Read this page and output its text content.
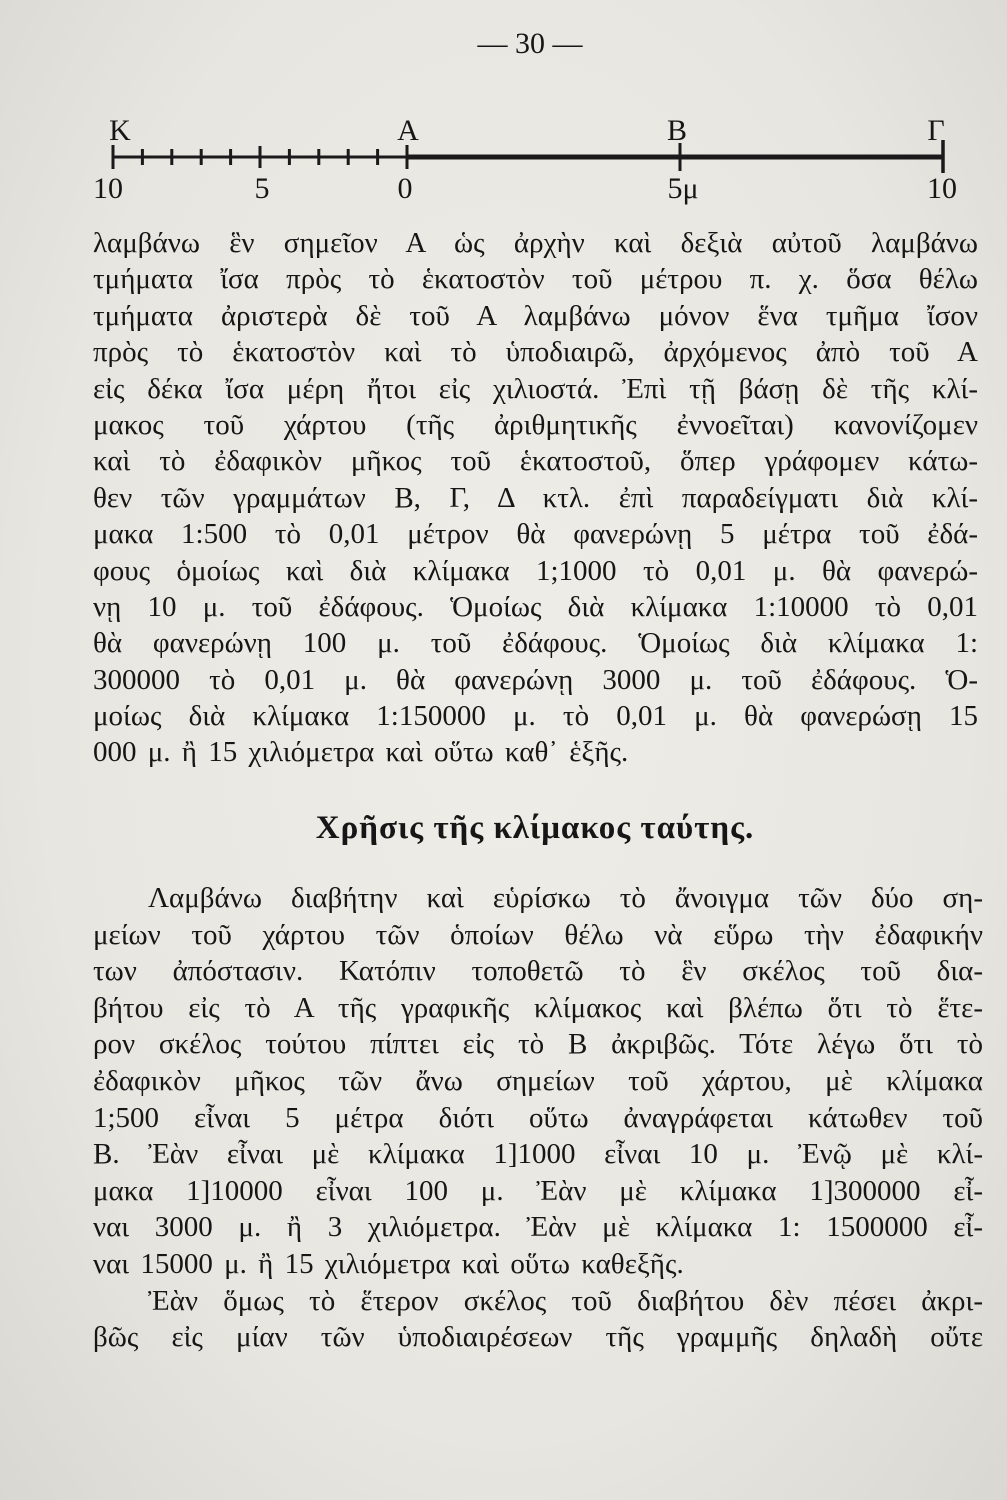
— 30 —
Κ	Α	Β	Γ
10	5	0	5μ	10
λαμβάνω ἓν σημεῖον Α ὡς ἀρχὴν καὶ δεξιὰ αὐτοῦ λαμβάνω
τμήματα ἴσα πρὸς τὸ ἑκατοστὸν τοῦ μέτρου π. χ. ὅσα θέλω
τμήματα ἀριστερὰ δὲ τοῦ Α λαμβάνω μόνον ἕνα τμῆμα ἴσον
πρὸς τὸ ἑκατοστὸν καὶ τὸ ὑποδιαιρῶ, ἀρχόμενος ἀπὸ τοῦ Α
εἰς δέκα ἴσα μέρη ἤτοι εἰς χιλιοστά. Ἐπὶ τῇ βάσῃ δὲ τῆς κλί-
μακος τοῦ χάρτου (τῆς ἀριθμητικῆς ἐννοεῖται) κανονίζομεν
καὶ τὸ ἐδαφικὸν μῆκος τοῦ ἑκατοστοῦ, ὅπερ γράφομεν κάτω-
θεν τῶν γραμμάτων Β, Γ, Δ κτλ. ἐπὶ παραδείγματι διὰ κλί-
μακα 1:500 τὸ 0,01 μέτρον θὰ φανερώνῃ 5 μέτρα τοῦ ἐδά-
φους ὁμοίως καὶ διὰ κλίμακα 1;1000 τὸ 0,01 μ. θὰ φανερώ-
νῃ 10 μ. τοῦ ἐδάφους. Ὁμοίως διὰ κλίμακα 1:10000 τὸ 0,01
θὰ φανερώνῃ 100 μ. τοῦ ἐδάφους. Ὁμοίως διὰ κλίμακα 1:
300000 τὸ 0,01 μ. θὰ φανερώνῃ 3000 μ. τοῦ ἐδάφους. Ὁ-
μοίως διὰ κλίμακα 1:150000 μ. τὸ 0,01 μ. θὰ φανερώσῃ 15
000 μ. ἢ 15 χιλιόμετρα καὶ οὕτω καθ᾽ ἑξῆς.
Χρῆσις τῆς κλίμακος ταύτης.
Λαμβάνω διαβήτην καὶ εὑρίσκω τὸ ἄνοιγμα τῶν δύο ση-
μείων τοῦ χάρτου τῶν ὁποίων θέλω νὰ εὕρω τὴν ἐδαφικήν
των ἀπόστασιν. Κατόπιν τοποθετῶ τὸ ἓν σκέλος τοῦ δια-
βήτου εἰς τὸ Α τῆς γραφικῆς κλίμακος καὶ βλέπω ὅτι τὸ ἕτε-
ρον σκέλος τούτου πίπτει εἰς τὸ Β ἀκριβῶς. Τότε λέγω ὅτι τὸ
ἐδαφικὸν μῆκος τῶν ἄνω σημείων τοῦ χάρτου, μὲ κλίμακα
1;500 εἶναι 5 μέτρα διότι οὕτω ἀναγράφεται κάτωθεν τοῦ
Β. Ἐὰν εἶναι μὲ κλίμακα 1]1000 εἶναι 10 μ. Ἐνῷ μὲ κλί-
μακα 1]10000 εἶναι 100 μ. Ἐὰν μὲ κλίμακα 1]300000 εἶ-
ναι 3000 μ. ἢ 3 χιλιόμετρα. Ἐὰν μὲ κλίμακα 1: 1500000 εἶ-
ναι 15000 μ. ἢ 15 χιλιόμετρα καὶ οὕτω καθεξῆς.
Ἐὰν ὅμως τὸ ἕτερον σκέλος τοῦ διαβήτου δὲν πέσει ἀκρι-
βῶς εἰς μίαν τῶν ὑποδιαιρέσεων τῆς γραμμῆς δηλαδὴ οὔτε
